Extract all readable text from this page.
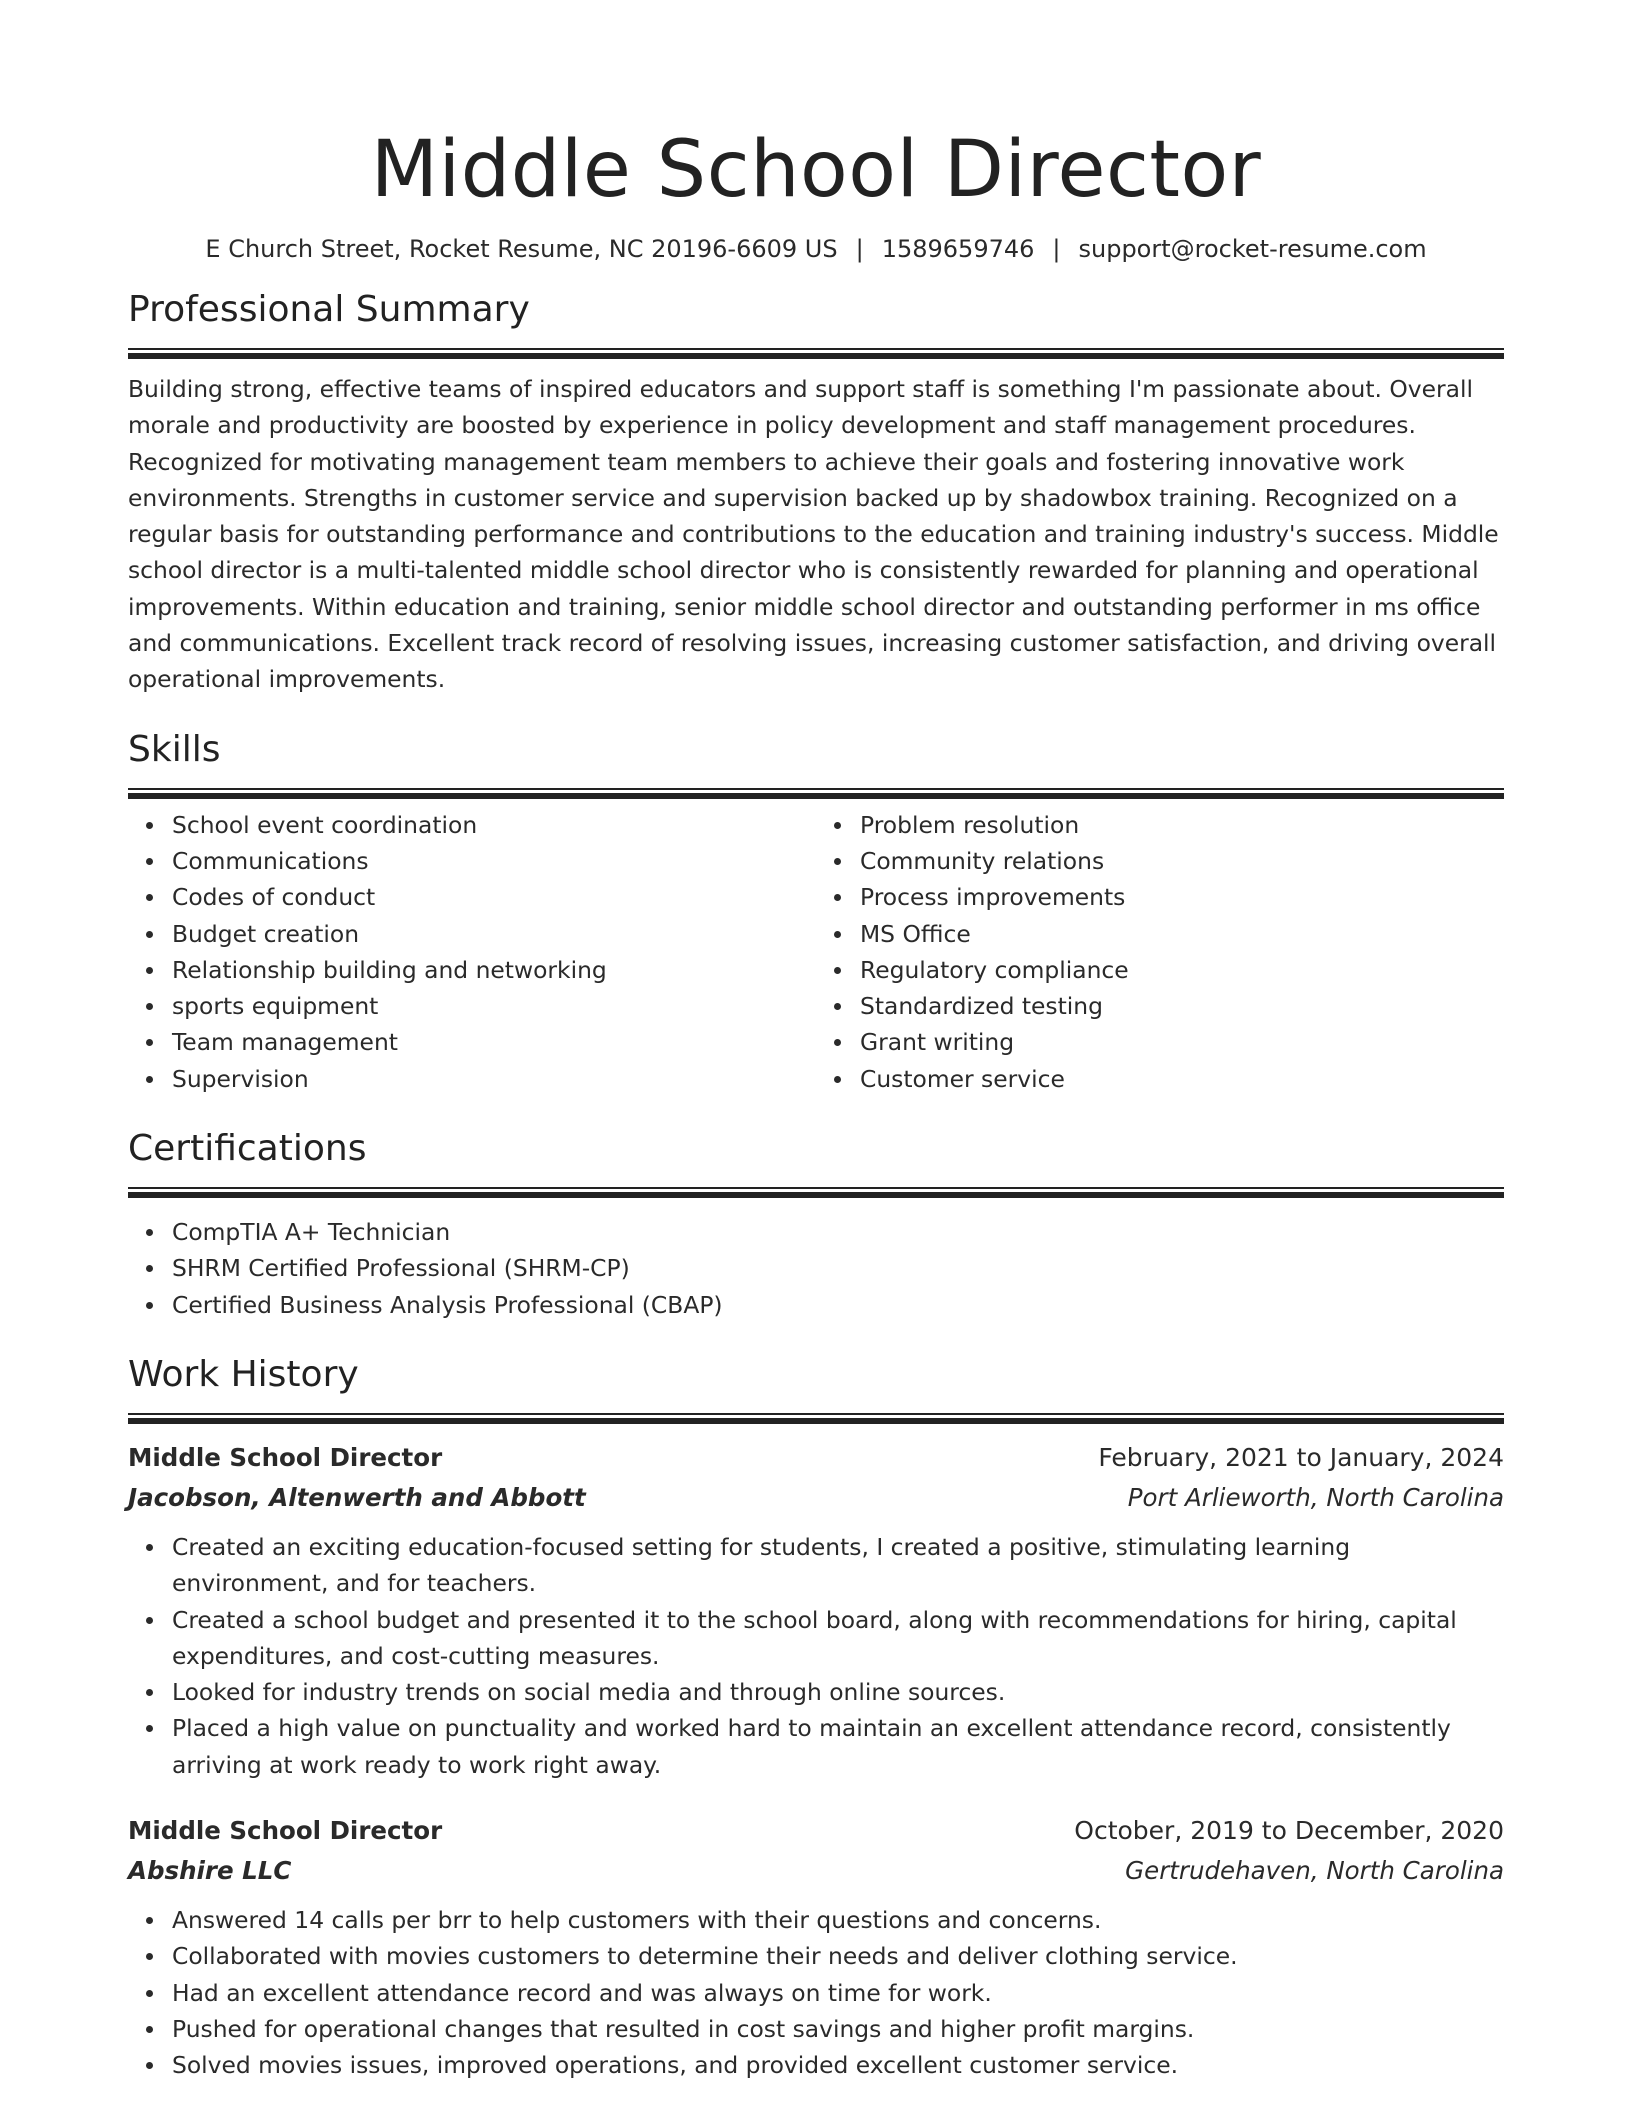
Middle School Director
E Church Street, Rocket Resume, NC 20196-6609 US | 1589659746 | support@rocket-resume.com
Professional Summary

Building strong, effective teams of inspired educators and support staff is something I'm passionate about. Overall morale and productivity are boosted by experience in policy development and staff management procedures. Recognized for motivating management team members to achieve their goals and fostering innovative work environments. Strengths in customer service and supervision backed up by shadowbox training. Recognized on a regular basis for outstanding performance and contributions to the education and training industry's success. Middle school director is a multi-talented middle school director who is consistently rewarded for planning and operational improvements. Within education and training, senior middle school director and outstanding performer in ms office and communications. Excellent track record of resolving issues, increasing customer satisfaction, and driving overall operational improvements.

Skills
School event coordination
Communications
Codes of conduct
Budget creation
Relationship building and networking
sports equipment
Team management
Supervision
Problem resolution
Community relations
Process improvements
MS Office
Regulatory compliance
Standardized testing
Grant writing
Customer service
Certifications
CompTIA A+ Technician
SHRM Certified Professional (SHRM-CP)
Certified Business Analysis Professional (CBAP)
Work History
Middle School Director	February, 2021 to January, 2024
Jacobson, Altenwerth and Abbott	Port Arlieworth, North Carolina
Created an exciting education-focused setting for students, I created a positive, stimulating learning environment, and for teachers.
Created a school budget and presented it to the school board, along with recommendations for hiring, capital expenditures, and cost-cutting measures.
Looked for industry trends on social media and through online sources.
Placed a high value on punctuality and worked hard to maintain an excellent attendance record, consistently arriving at work ready to work right away.
Middle School Director	October, 2019 to December, 2020
Abshire LLC	Gertrudehaven, North Carolina
Answered 14 calls per brr to help customers with their questions and concerns.
Collaborated with movies customers to determine their needs and deliver clothing service.
Had an excellent attendance record and was always on time for work.
Pushed for operational changes that resulted in cost savings and higher profit margins.
Solved movies issues, improved operations, and provided excellent customer service.
